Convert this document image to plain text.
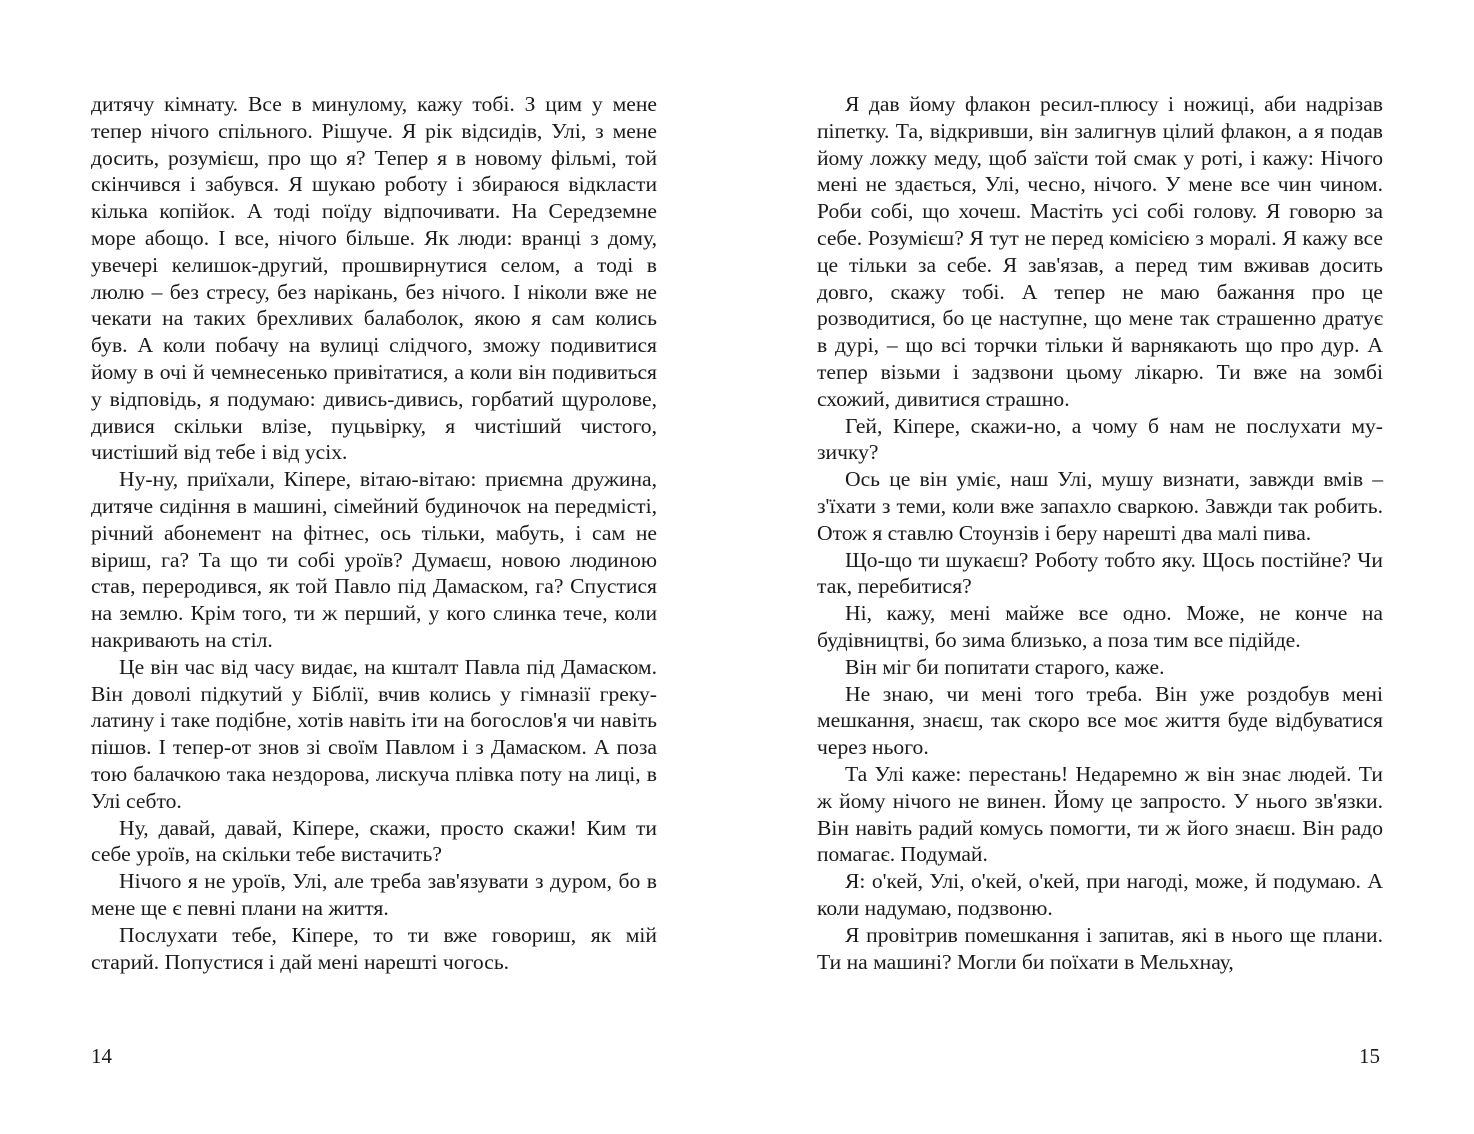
дитячу кімнату. Все в минулому, кажу тобі. З цим у мене тепер нічого спільного. Рішуче. Я рік відсидів, Улі, з мене досить, розумієш, про що я? Тепер я в новому фільмі, той скінчився і забувся. Я шукаю роботу і збираюся відкласти кілька копійок. А тоді поїду відпочивати. На Середземне море абощо. І все, нічого більше. Як люди: вранці з дому, увечері келишок-другий, прошвирнутися селом, а тоді в люлю – без стресу, без нарікань, без нічого. І ніколи вже не чекати на таких брехливих балаболок, якою я сам колись був. А коли побачу на вулиці слідчого, зможу подивитися йому в очі й чемнесенько привітатися, а коли він подивиться у відповідь, я подумаю: дивись-дивись, горбатий щуролове, дивися скільки влізе, пуцьвірку, я чистіший чистого, чистіший від тебе і від усіх.

Ну-ну, приїхали, Кіпере, вітаю-вітаю: приємна дружина, дитяче сидіння в машині, сімейний будиночок на передмісті, річний абонемент на фітнес, ось тільки, мабуть, і сам не віриш, га? Та що ти собі уроїв? Думаєш, новою людиною став, переродився, як той Павло під Дамаском, га? Спустися на землю. Крім того, ти ж перший, у кого слинка тече, коли накривають на стіл.

Це він час від часу видає, на кшталт Павла під Дамаском. Він доволі підкутий у Біблії, вчив колись у гімназії греку-латину і таке подібне, хотів навіть іти на богослов'я чи навіть пішов. І тепер-от знов зі своїм Павлом і з Дамаском. А поза тою балачкою така нездорова, лискуча плівка поту на лиці, в Улі себто.

Ну, давай, давай, Кіпере, скажи, просто скажи! Ким ти себе уроїв, на скільки тебе вистачить?

Нічого я не уроїв, Улі, але треба зав'язувати з дуром, бо в мене ще є певні плани на життя.

Послухати тебе, Кіпере, то ти вже говориш, як мій старий. Попустися і дай мені нарешті чогось.

14

Я дав йому флакон ресил-плюсу і ножиці, аби надрізав піпетку. Та, відкривши, він залигнув цілий флакон, а я подав йому ложку меду, щоб заїсти той смак у роті, і кажу: Нічого мені не здається, Улі, чесно, нічого. У мене все чин чином. Роби собі, що хочеш. Мастіть усі собі голову. Я говорю за себе. Розумієш? Я тут не перед комісією з моралі. Я кажу все це тільки за себе. Я зав'язав, а перед тим вживав досить довго, скажу тобі. А тепер не маю бажання про це розводитися, бо це наступне, що мене так страшенно дратує в дурі, – що всі торчки тільки й варнякають що про дур. А тепер візьми і задзвони цьому лікарю. Ти вже на зомбі схожий, дивитися страшно.

Гей, Кіпере, скажи-но, а чому б нам не послухати музичку?

Ось це він уміє, наш Улі, мушу визнати, завжди вмів – з'їхати з теми, коли вже запахло сваркою. Завжди так робить. Отож я ставлю Стоунзів і беру нарешті два малі пива.

Що-що ти шукаєш? Роботу тобто яку. Щось постійне? Чи так, перебитися?

Ні, кажу, мені майже все одно. Може, не конче на будівництві, бо зима близько, а поза тим все підійде.

Він міг би попитати старого, каже.

Не знаю, чи мені того треба. Він уже роздобув мені мешкання, знаєш, так скоро все моє життя буде відбуватися через нього.

Та Улі каже: перестань! Недаремно ж він знає людей. Ти ж йому нічого не винен. Йому це запросто. У нього зв'язки. Він навіть радий комусь помогти, ти ж його знаєш. Він радо помагає. Подумай.

Я: о'кей, Улі, о'кей, о'кей, при нагоді, може, й подумаю. А коли надумаю, подзвоню.

Я провітрив помешкання і запитав, які в нього ще плани. Ти на машині? Могли би поїхати в Мельхнау,

15
